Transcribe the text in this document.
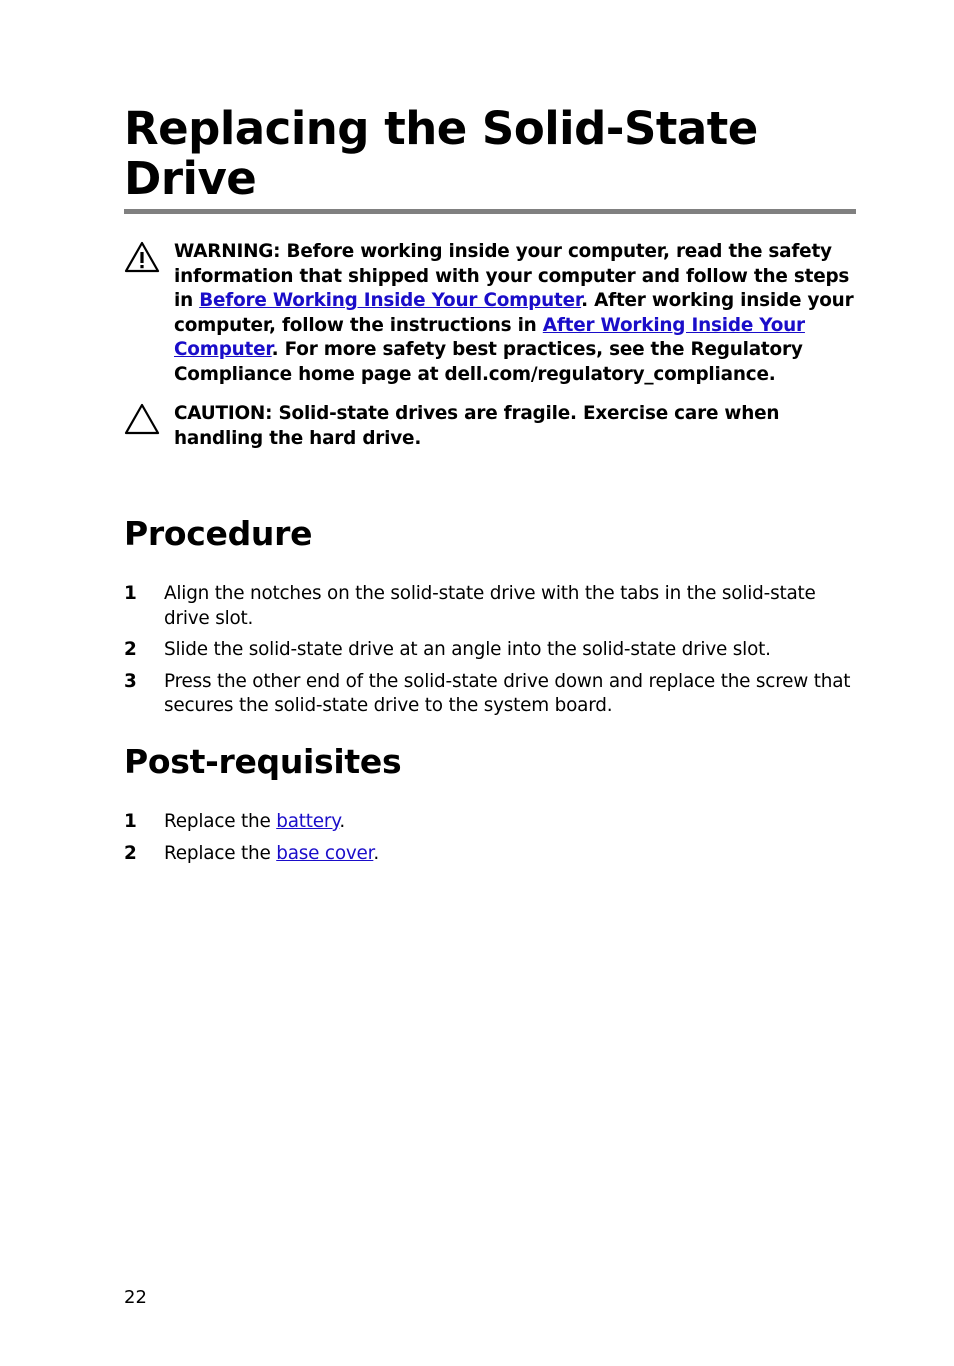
Replacing the Solid-State Drive
WARNING: Before working inside your computer, read the safety information that shipped with your computer and follow the steps in Before Working Inside Your Computer. After working inside your computer, follow the instructions in After Working Inside Your Computer. For more safety best practices, see the Regulatory Compliance home page at dell.com/regulatory_compliance.
CAUTION: Solid-state drives are fragile. Exercise care when handling the hard drive.
Procedure
1 Align the notches on the solid-state drive with the tabs in the solid-state drive slot.
2 Slide the solid-state drive at an angle into the solid-state drive slot.
3 Press the other end of the solid-state drive down and replace the screw that secures the solid-state drive to the system board.
Post-requisites
1 Replace the battery.
2 Replace the base cover.
22
